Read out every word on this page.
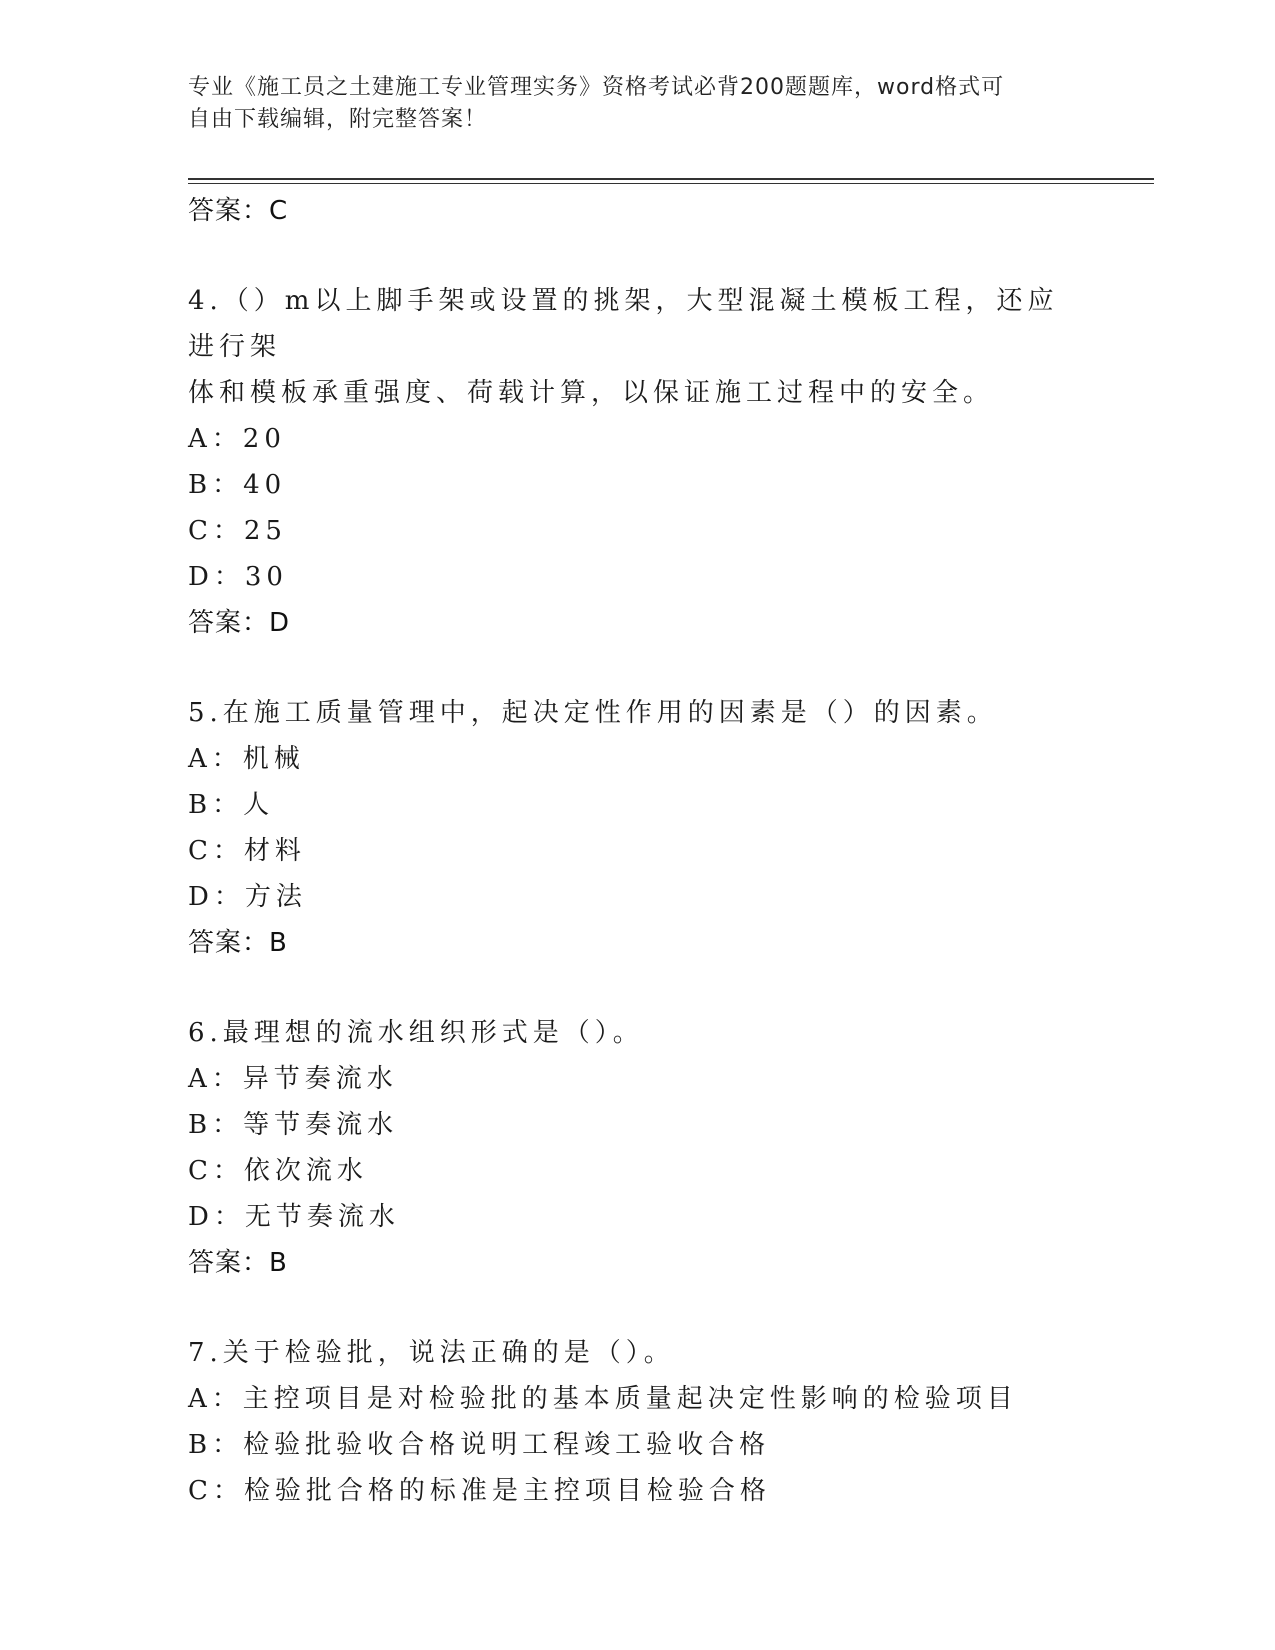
专业《施工员之土建施工专业管理实务》资格考试必背200题题库，word格式可
自由下载编辑，附完整答案！
答案：C
4.（）m以上脚手架或设置的挑架，大型混凝土模板工程，还应进行架
体和模板承重强度、荷载计算，以保证施工过程中的安全。
A：20
B：40
C：25
D：30
答案：D
5.在施工质量管理中，起决定性作用的因素是（）的因素。
A：机械
B：人
C：材料
D：方法
答案：B
6.最理想的流水组织形式是（）。
A：异节奏流水
B：等节奏流水
C：依次流水
D：无节奏流水
答案：B
7.关于检验批，说法正确的是（）。
A：主控项目是对检验批的基本质量起决定性影响的检验项目
B：检验批验收合格说明工程竣工验收合格
C：检验批合格的标准是主控项目检验合格
